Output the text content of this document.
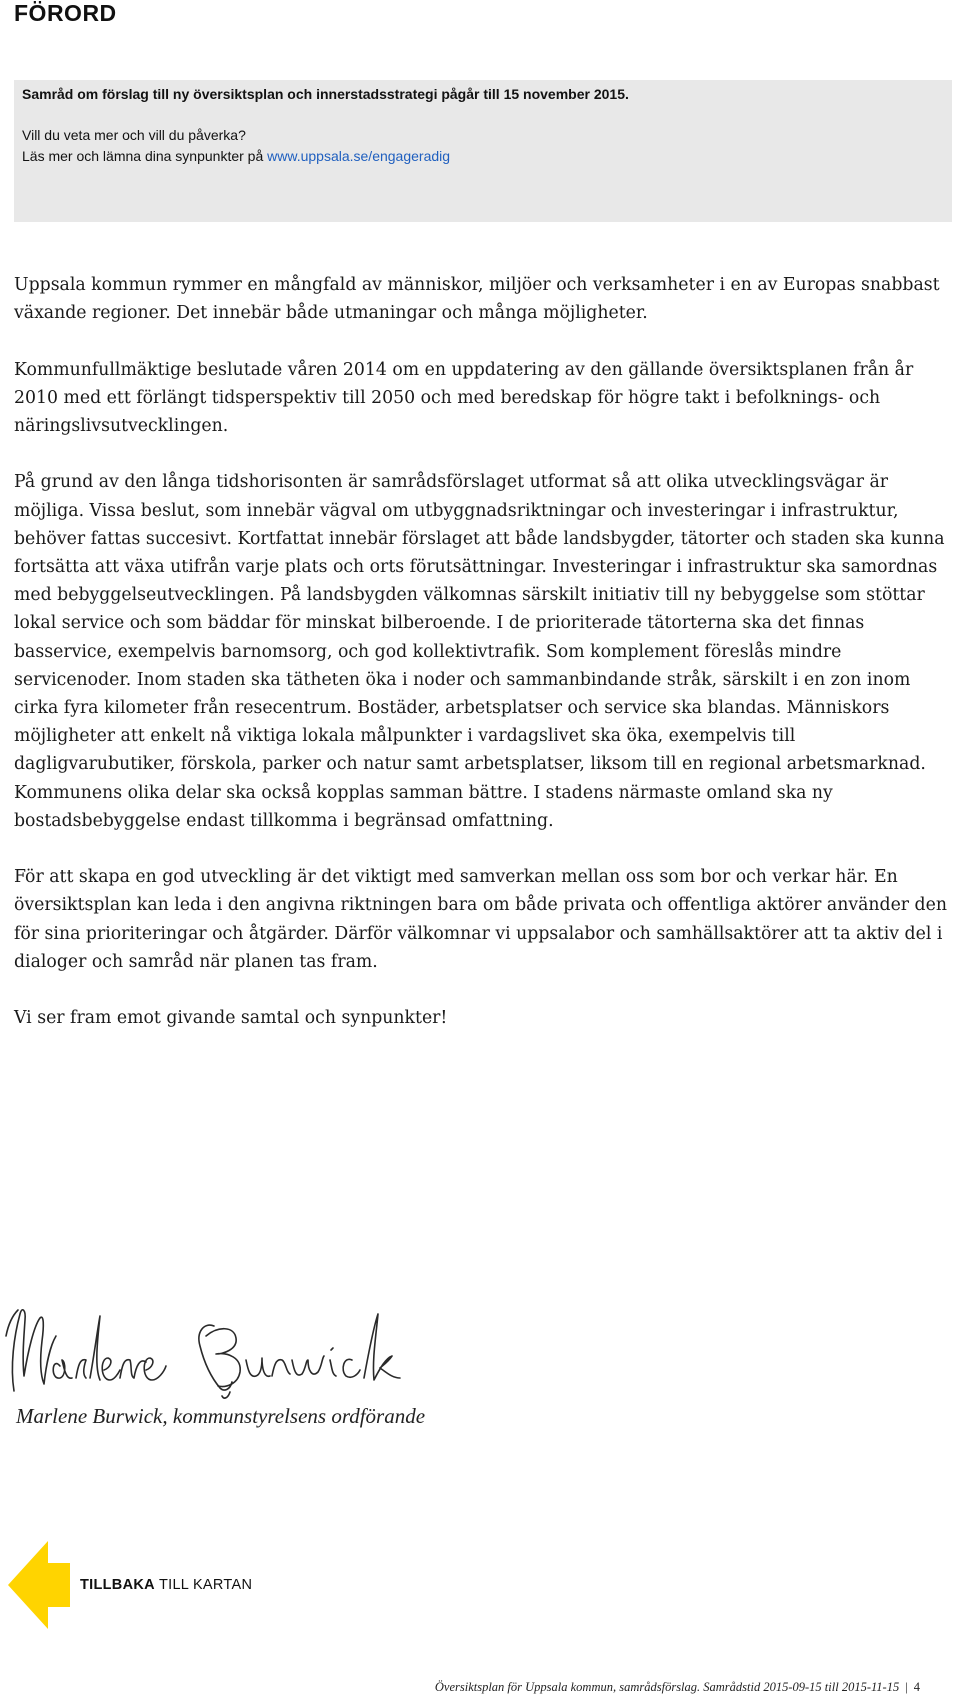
FÖRORD
Samråd om förslag till ny översiktsplan och innerstadsstrategi pågår till 15 november 2015.
Vill du veta mer och vill du påverka?
Läs mer och lämna dina synpunkter på www.uppsala.se/engageradig

Uppsala kommun rymmer en mångfald av människor, miljöer och verksamheter i en av Europas snabbast växande regioner. Det innebär både utmaningar och många möjligheter.

Kommunfullmäktige beslutade våren 2014 om en uppdatering av den gällande översiktsplanen från år 2010 med ett förlängt tidsperspektiv till 2050 och med beredskap för högre takt i befolknings- och näringslivsutvecklingen.

På grund av den långa tidshorisonten är samrådsförslaget utformat så att olika utvecklingsvägar är möjliga. Vissa beslut, som innebär vägval om utbyggnadsriktningar och investeringar i infrastruktur, behöver fattas succesivt. Kortfattat innebär förslaget att både landsbygder, tätorter och staden ska kunna fortsätta att växa utifrån varje plats och orts förutsättningar. Investeringar i infrastruktur ska samordnas med bebyggelseutvecklingen. På landsbygden välkomnas särskilt initiativ till ny bebyggelse som stöttar lokal service och som bäddar för minskat bilberoende. I de prioriterade tätorterna ska det finnas basservice, exempelvis barnomsorg, och god kollektivtrafik. Som komplement föreslås mindre servicenoder. Inom staden ska tätheten öka i noder och sammanbindande stråk, särskilt i en zon inom cirka fyra kilometer från resecentrum. Bostäder, arbetsplatser och service ska blandas. Människors möjligheter att enkelt nå viktiga lokala målpunkter i vardagslivet ska öka, exempelvis till dagligvarubutiker, förskola, parker och natur samt arbetsplatser, liksom till en regional arbetsmarknad. Kommunens olika delar ska också kopplas samman bättre. I stadens närmaste omland ska ny bostadsbebyggelse endast tillkomma i begränsad omfattning.

För att skapa en god utveckling är det viktigt med samverkan mellan oss som bor och verkar här. En översiktsplan kan leda i den angivna riktningen bara om både privata och offentliga aktörer använder den för sina prioriteringar och åtgärder. Därför välkomnar vi uppsalabor och samhällsaktörer att ta aktiv del i dialoger och samråd när planen tas fram.

Vi ser fram emot givande samtal och synpunkter!

Marlene Burwick, kommunstyrelsens ordförande
TILLBAKA TILL KARTAN
Översiktsplan för Uppsala kommun, samrådsförslag. Samrådstid 2015-09-15 till 2015-11-15 | 4
